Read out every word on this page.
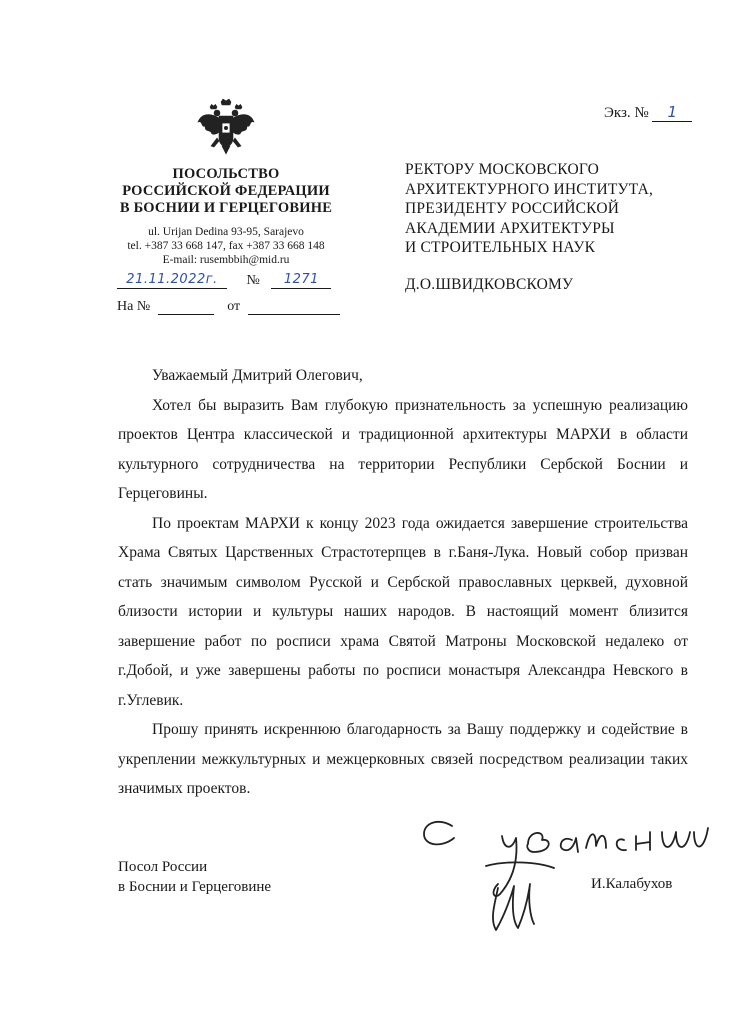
ПОСОЛЬСТВО
РОССИЙСКОЙ ФЕДЕРАЦИИ
В БОСНИИ И ГЕРЦЕГОВИНЕ
ul. Urijan Dedina 93-95, Sarajevo
tel. +387 33 668 147, fax +387 33 668 148
E-mail: rusembbih@mid.ru
21.11.2022г. № 1271
На №	от
Экз. № 1
РЕКТОРУ МОСКОВСКОГО
АРХИТЕКТУРНОГО ИНСТИТУТА,
ПРЕЗИДЕНТУ РОССИЙСКОЙ
АКАДЕМИИ АРХИТЕКТУРЫ
И СТРОИТЕЛЬНЫХ НАУК
Д.О.ШВИДКОВСКОМУ

Уважаемый Дмитрий Олегович,

Хотел бы выразить Вам глубокую признательность за успешную реализацию проектов Центра классической и традиционной архитектуры МАРХИ в области культурного сотрудничества на территории Республики Сербской Боснии и Герцеговины.

По проектам МАРХИ к концу 2023 года ожидается завершение строительства Храма Святых Царственных Страстотерпцев в г.Баня-Лука. Новый собор призван стать значимым символом Русской и Сербской православных церквей, духовной близости истории и культуры наших народов. В настоящий момент близится завершение работ по росписи храма Святой Матроны Московской недалеко от г.Добой, и уже завершены работы по росписи монастыря Александра Невского в г.Углевик.

Прошу принять искреннюю благодарность за Вашу поддержку и содействие в укреплении межкультурных и межцерковных связей посредством реализации таких значимых проектов.

Посол России
в Боснии и Герцеговине	И.Калабухов
